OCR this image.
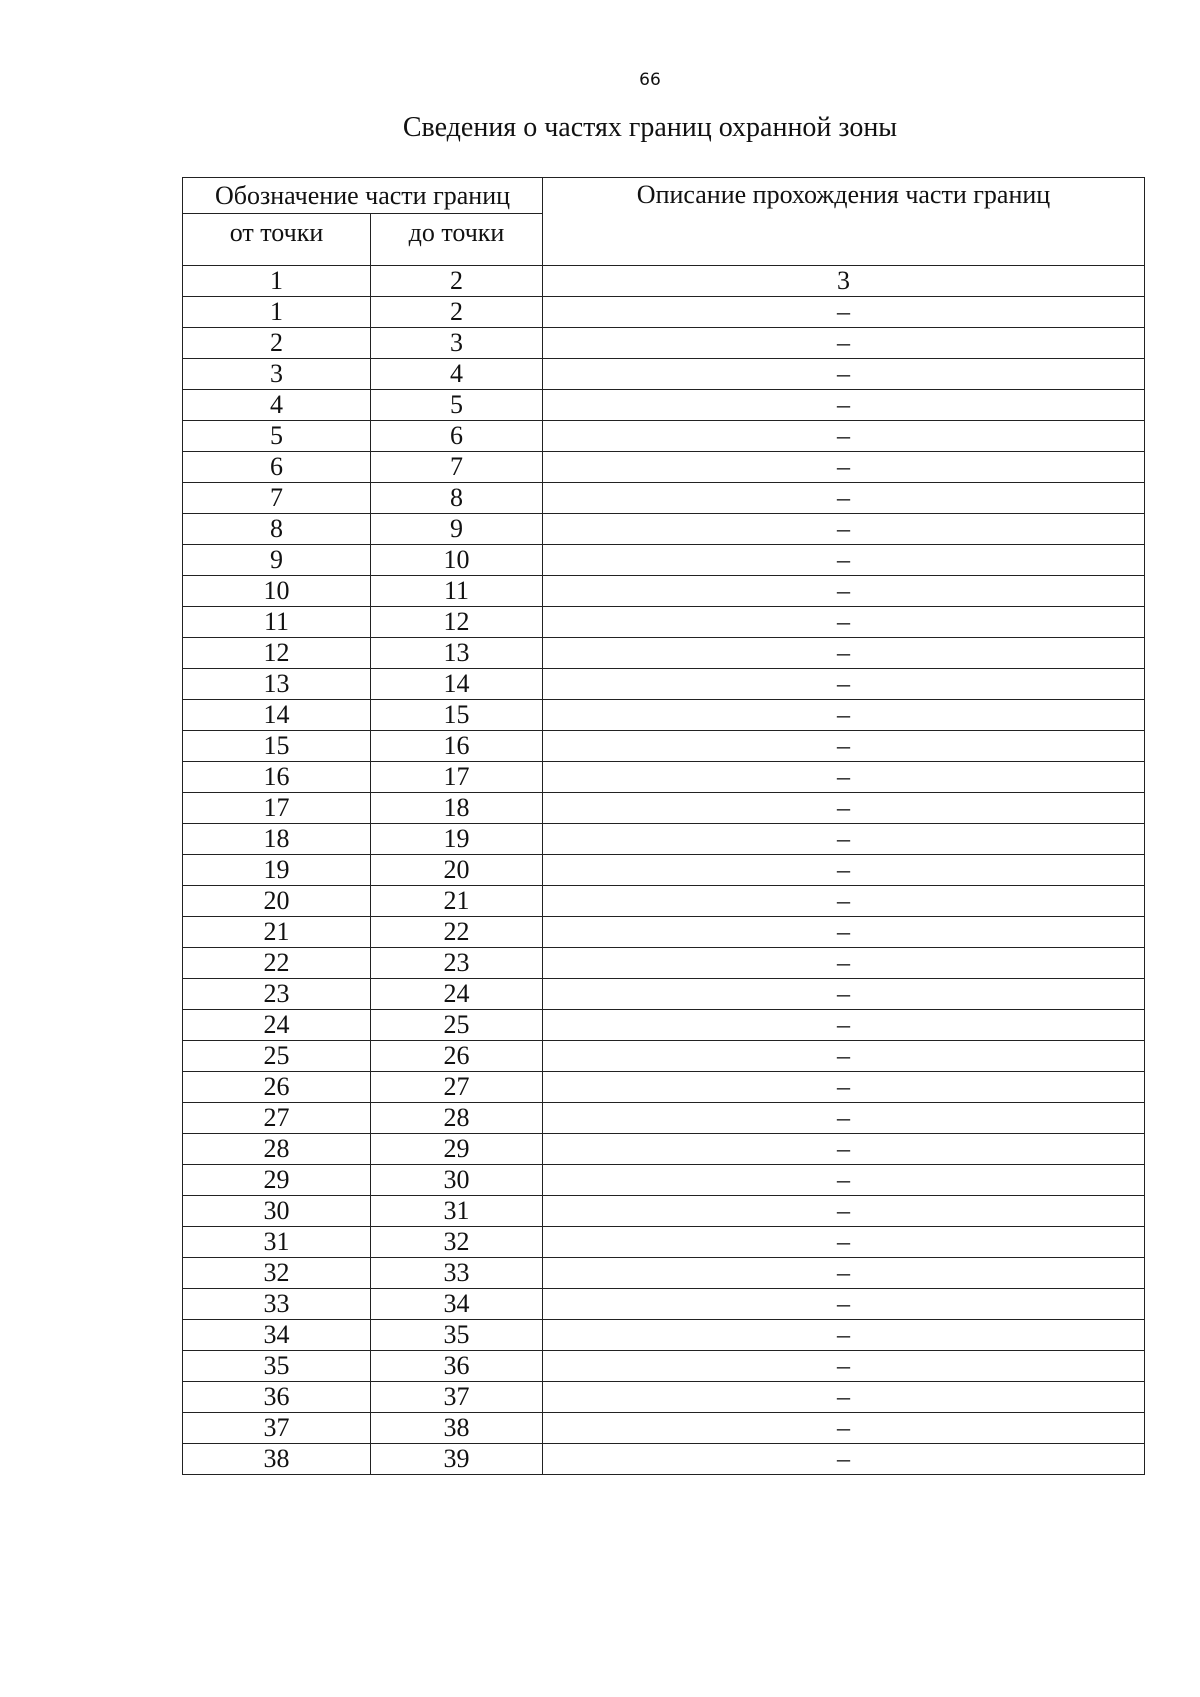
66
Сведения о частях границ охранной зоны
Обозначение части границ		Описание прохождения части границ
от точки	до точки	
1	2	3
1	2	–
2	3	–
3	4	–
4	5	–
5	6	–
6	7	–
7	8	–
8	9	–
9	10	–
10	11	–
11	12	–
12	13	–
13	14	–
14	15	–
15	16	–
16	17	–
17	18	–
18	19	–
19	20	–
20	21	–
21	22	–
22	23	–
23	24	–
24	25	–
25	26	–
26	27	–
27	28	–
28	29	–
29	30	–
30	31	–
31	32	–
32	33	–
33	34	–
34	35	–
35	36	–
36	37	–
37	38	–
38	39	–
